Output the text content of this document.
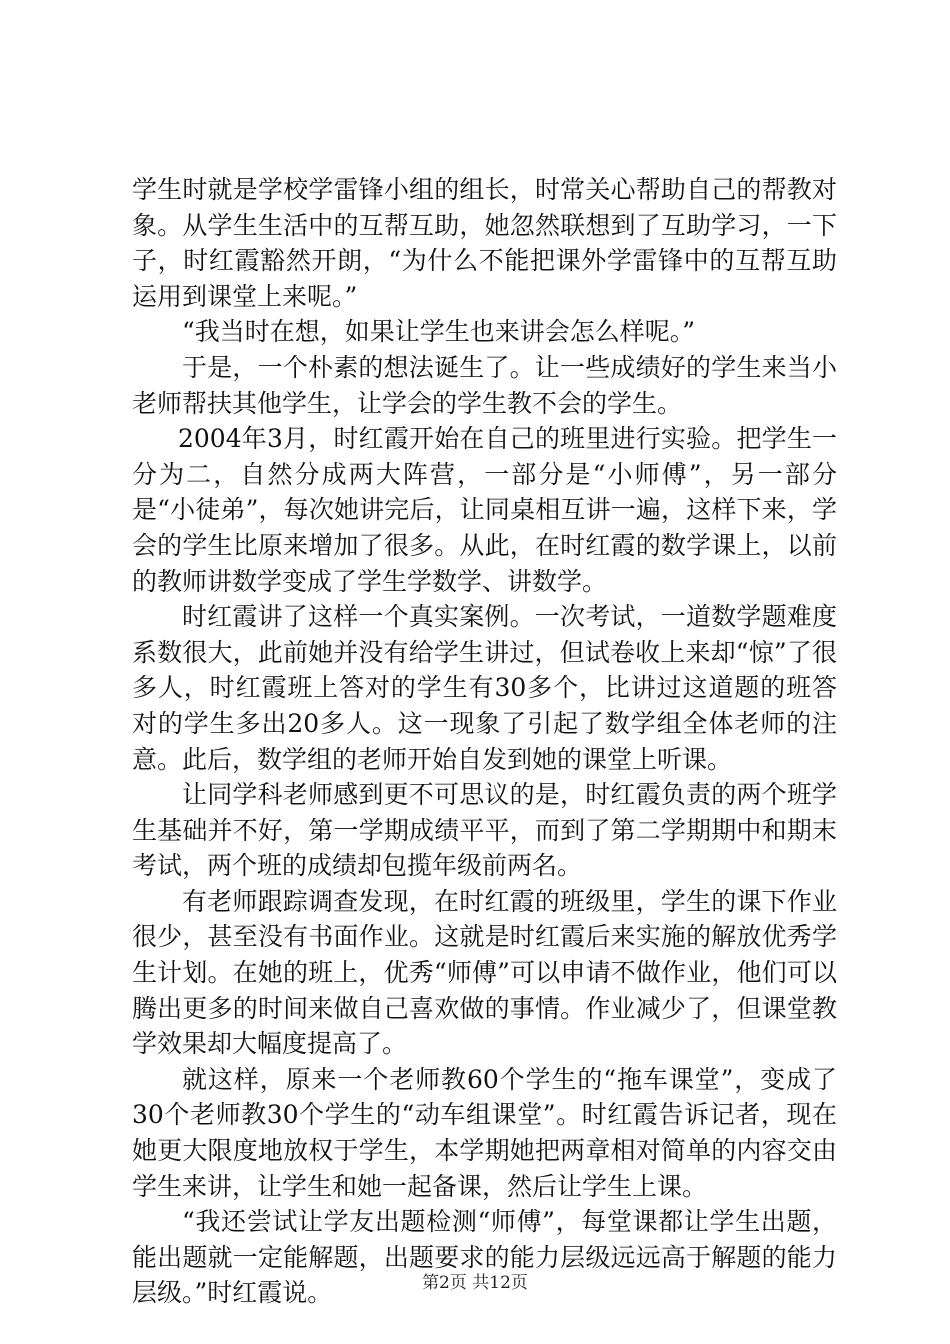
学生时就是学校学雷锋小组的组长，时常关心帮助自己的帮教对象。从学生生活中的互帮互助，她忽然联想到了互助学习，一下子，时红霞豁然开朗，“为什么不能把课外学雷锋中的互帮互助运用到课堂上来呢。”

“我当时在想，如果让学生也来讲会怎么样呢。”

于是，一个朴素的想法诞生了。让一些成绩好的学生来当小老师帮扶其他学生，让学会的学生教不会的学生。

2004年3月，时红霞开始在自己的班里进行实验。把学生一分为二，自然分成两大阵营，一部分是“小师傅”，另一部分是“小徒弟”，每次她讲完后，让同桌相互讲一遍，这样下来，学会的学生比原来增加了很多。从此，在时红霞的数学课上，以前的教师讲数学变成了学生学数学、讲数学。

时红霞讲了这样一个真实案例。一次考试，一道数学题难度系数很大，此前她并没有给学生讲过，但试卷收上来却“惊”了很多人，时红霞班上答对的学生有30多个，比讲过这道题的班答对的学生多出20多人。这一现象了引起了数学组全体老师的注意。此后，数学组的老师开始自发到她的课堂上听课。

让同学科老师感到更不可思议的是，时红霞负责的两个班学生基础并不好，第一学期成绩平平，而到了第二学期期中和期末考试，两个班的成绩却包揽年级前两名。

有老师跟踪调查发现，在时红霞的班级里，学生的课下作业很少，甚至没有书面作业。这就是时红霞后来实施的解放优秀学生计划。在她的班上，优秀“师傅”可以申请不做作业，他们可以腾出更多的时间来做自己喜欢做的事情。作业减少了，但课堂教学效果却大幅度提高了。

就这样，原来一个老师教60个学生的“拖车课堂”，变成了30个老师教30个学生的“动车组课堂”。时红霞告诉记者，现在她更大限度地放权于学生，本学期她把两章相对简单的内容交由学生来讲，让学生和她一起备课，然后让学生上课。

“我还尝试让学友出题检测“师傅”，每堂课都让学生出题，能出题就一定能解题，出题要求的能力层级远远高于解题的能力层级。”时红霞说。	第2页 共12页
